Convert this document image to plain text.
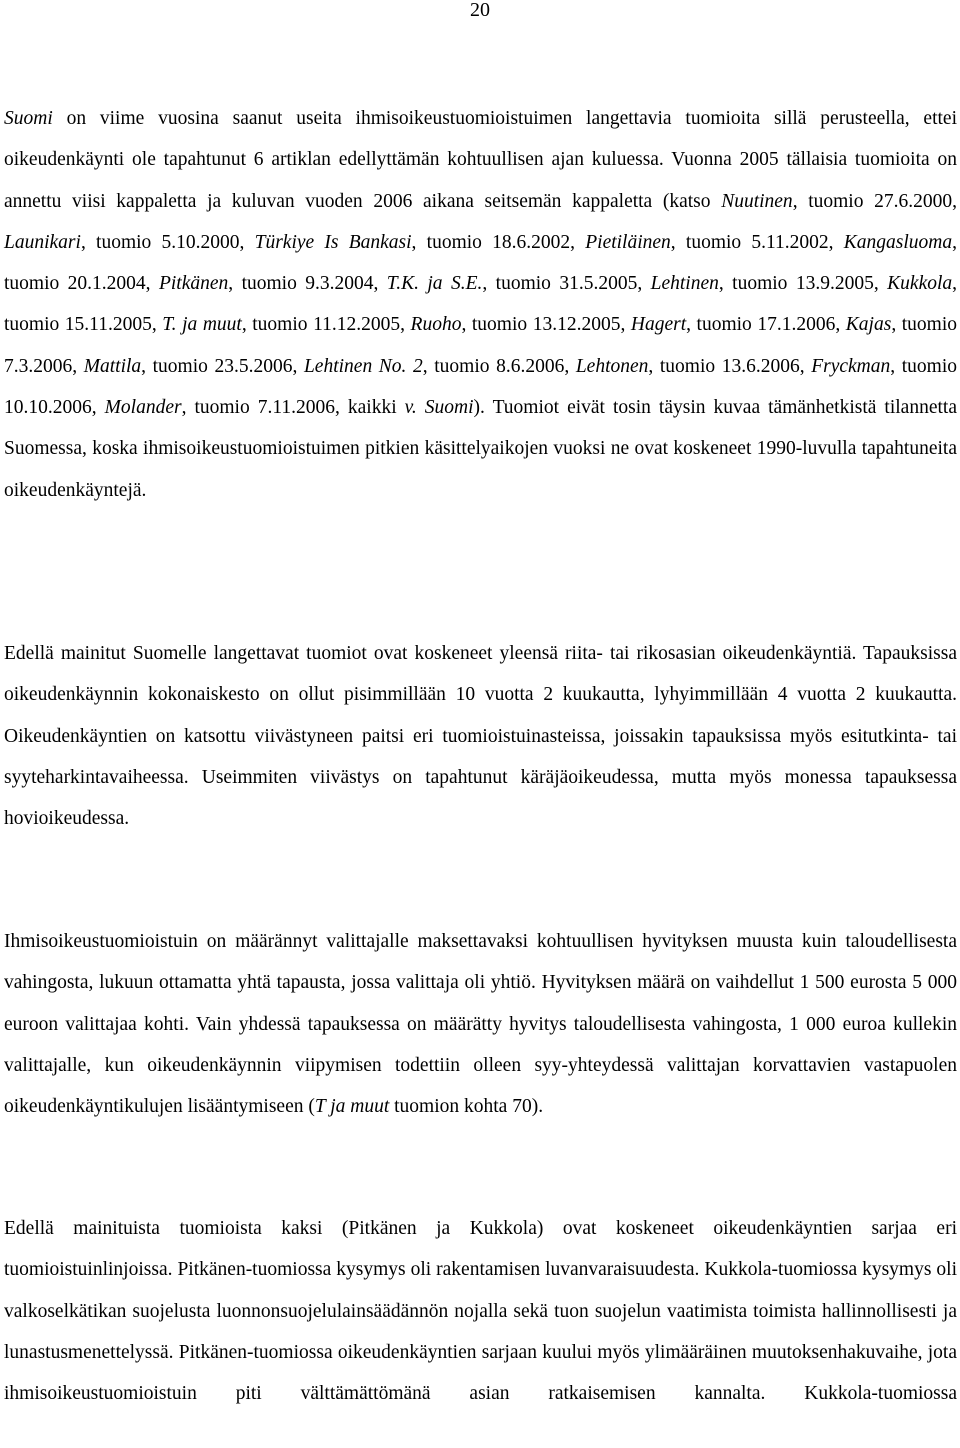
20

Suomi on viime vuosina saanut useita ihmisoikeustuomioistuimen langettavia tuomioita sillä perusteella, ettei oikeudenkäynti ole tapahtunut 6 artiklan edellyttämän kohtuullisen ajan kuluessa. Vuonna 2005 tällaisia tuomioita on annettu viisi kappaletta ja kuluvan vuoden 2006 aikana seitsemän kappaletta (katso Nuutinen, tuomio 27.6.2000, Launikari, tuomio 5.10.2000, Türkiye Is Bankasi, tuomio 18.6.2002, Pietiläinen, tuomio 5.11.2002, Kangasluoma, tuomio 20.1.2004, Pitkänen, tuomio 9.3.2004, T.K. ja S.E., tuomio 31.5.2005, Lehtinen, tuomio 13.9.2005, Kukkola, tuomio 15.11.2005, T. ja muut, tuomio 11.12.2005, Ruoho, tuomio 13.12.2005, Hagert, tuomio 17.1.2006, Kajas, tuomio 7.3.2006, Mattila, tuomio 23.5.2006, Lehtinen No. 2, tuomio 8.6.2006, Lehtonen, tuomio 13.6.2006, Fryckman, tuomio 10.10.2006, Molander, tuomio 7.11.2006, kaikki v. Suomi). Tuomiot eivät tosin täysin kuvaa tämänhetkistä tilannetta Suomessa, koska ihmisoikeustuomioistuimen pitkien käsittelyaikojen vuoksi ne ovat koskeneet 1990-luvulla tapahtuneita oikeudenkäyntejä.

Edellä mainitut Suomelle langettavat tuomiot ovat koskeneet yleensä riita- tai rikosasian oikeudenkäyntiä. Tapauksissa oikeudenkäynnin kokonaiskesto on ollut pisimmillään 10 vuotta 2 kuukautta, lyhyimmillään 4 vuotta 2 kuukautta. Oikeudenkäyntien on katsottu viivästyneen paitsi eri tuomioistuinasteissa, joissakin tapauksissa myös esitutkinta- tai syyteharkintavaiheessa. Useimmiten viivästys on tapahtunut käräjäoikeudessa, mutta myös monessa tapauksessa hovioikeudessa.

Ihmisoikeustuomioistuin on määrännyt valittajalle maksettavaksi kohtuullisen hyvityksen muusta kuin taloudellisesta vahingosta, lukuun ottamatta yhtä tapausta, jossa valittaja oli yhtiö. Hyvityksen määrä on vaihdellut 1 500 eurosta 5 000 euroon valittajaa kohti. Vain yhdessä tapauksessa on määrätty hyvitys taloudellisesta vahingosta, 1 000 euroa kullekin valittajalle, kun oikeudenkäynnin viipymisen todettiin olleen syy-yhteydessä valittajan korvattavien vastapuolen oikeudenkäyntikulujen lisääntymiseen (T ja muut tuomion kohta 70).

Edellä mainituista tuomioista kaksi (Pitkänen ja Kukkola) ovat koskeneet oikeudenkäyntien sarjaa eri tuomioistuinlinjoissa. Pitkänen-tuomiossa kysymys oli rakentamisen luvanvaraisuudesta. Kukkola-tuomiossa kysymys oli valkoselkätikan suojelusta luonnonsuojelulainsäädännön nojalla sekä tuon suojelun vaatimista toimista hallinnollisesti ja lunastusmenettelyssä. Pitkänen-tuomiossa oikeudenkäyntien sarjaan kuului myös ylimääräinen muutoksenhakuvaihe, jota ihmisoikeustuomioistuin piti välttämättömänä asian ratkaisemisen kannalta. Kukkola-tuomiossa
